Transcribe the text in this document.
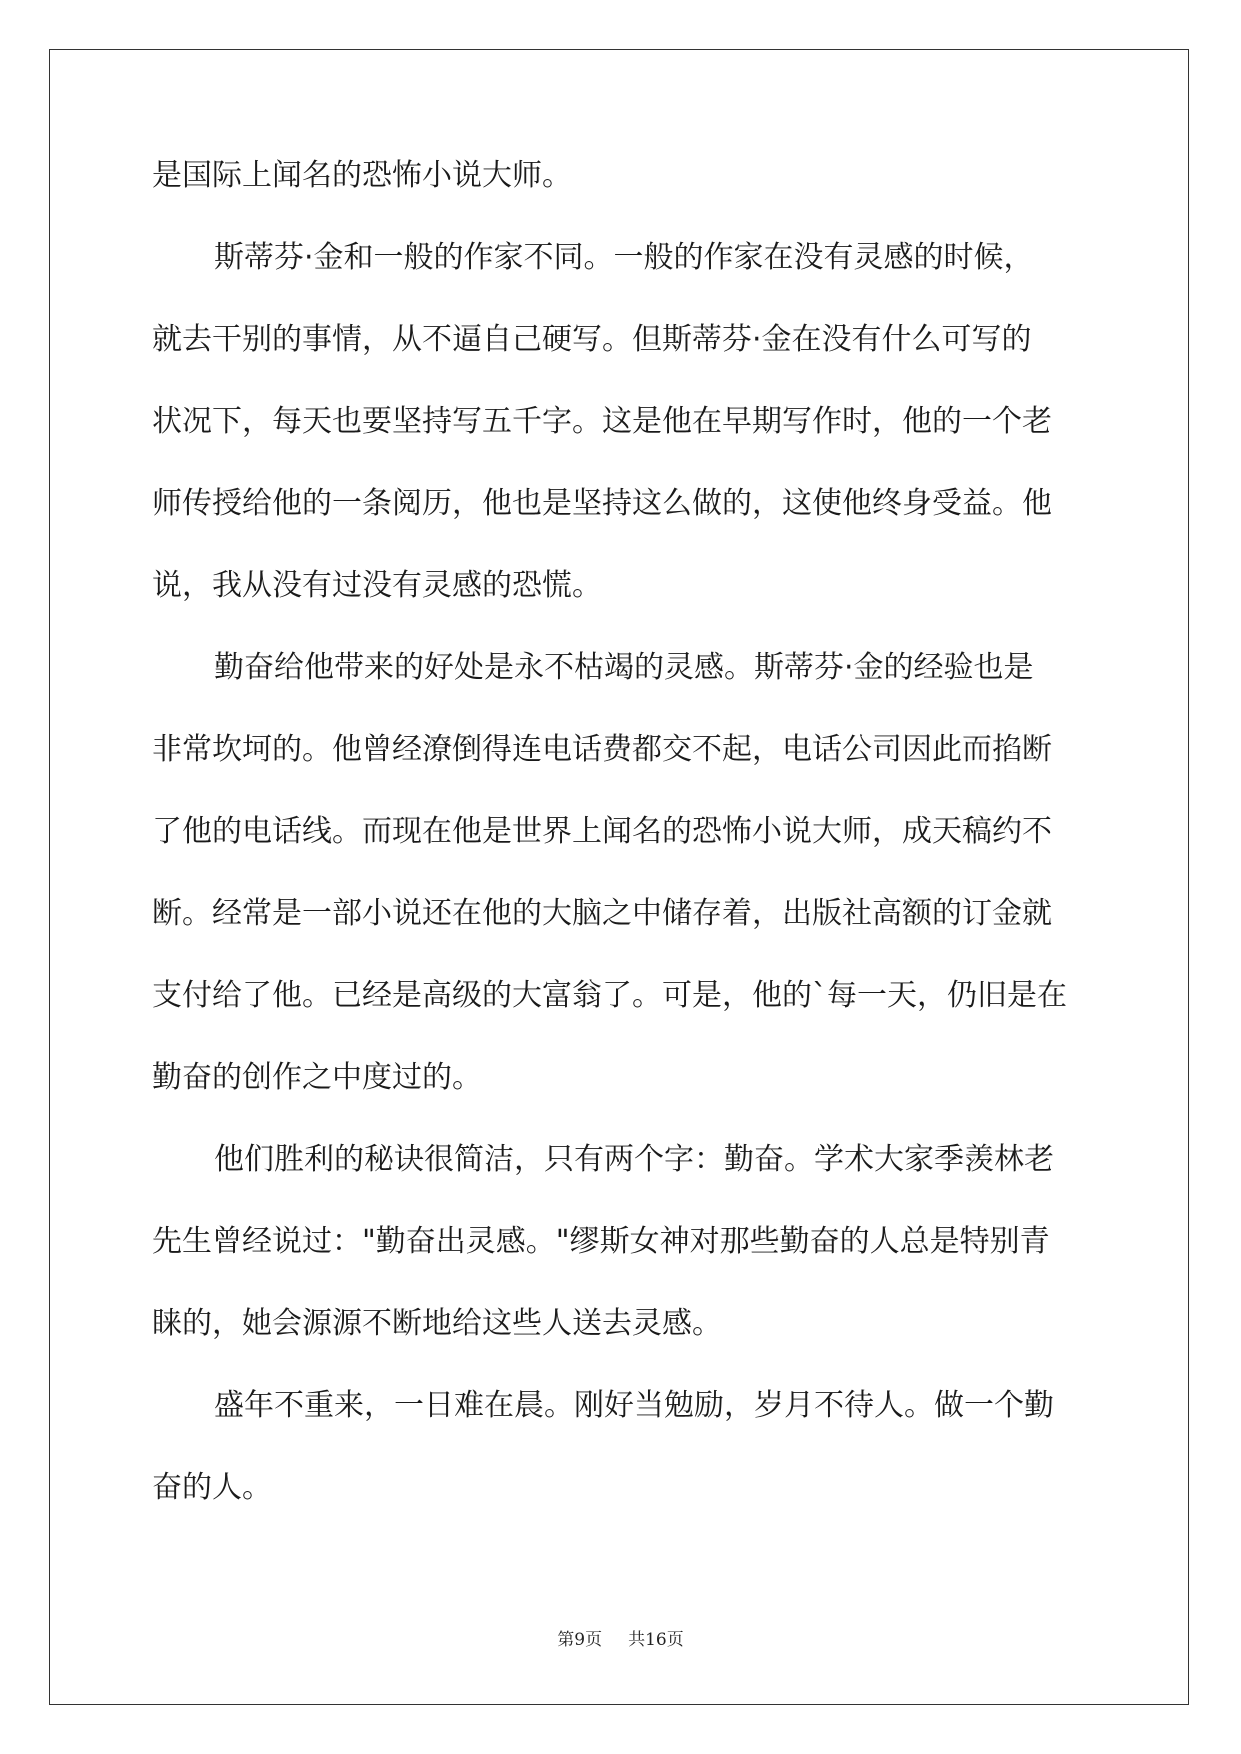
是国际上闻名的恐怖小说大师。
斯蒂芬·金和一般的作家不同。一般的作家在没有灵感的时候，
就去干别的事情，从不逼自己硬写。但斯蒂芬·金在没有什么可写的
状况下，每天也要坚持写五千字。这是他在早期写作时，他的一个老
师传授给他的一条阅历，他也是坚持这么做的，这使他终身受益。他
说，我从没有过没有灵感的恐慌。
勤奋给他带来的好处是永不枯竭的灵感。斯蒂芬·金的经验也是
非常坎坷的。他曾经潦倒得连电话费都交不起，电话公司因此而掐断
了他的电话线。而现在他是世界上闻名的恐怖小说大师，成天稿约不
断。经常是一部小说还在他的大脑之中储存着，出版社高额的订金就
支付给了他。已经是高级的大富翁了。可是，他的`每一天，仍旧是在
勤奋的创作之中度过的。
他们胜利的秘诀很简洁，只有两个字：勤奋。学术大家季羡林老
先生曾经说过："勤奋出灵感。"缪斯女神对那些勤奋的人总是特别青
睐的，她会源源不断地给这些人送去灵感。
盛年不重来，一日难在晨。刚好当勉励，岁月不待人。做一个勤
奋的人。
第9页 共16页
